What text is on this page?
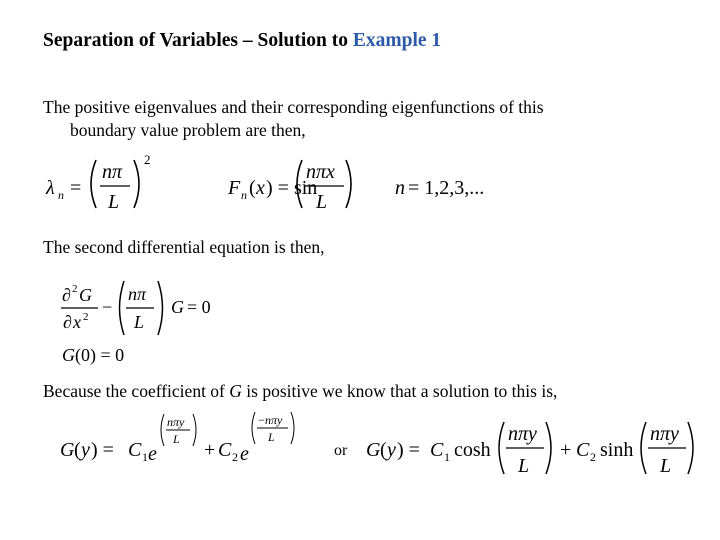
Separation of Variables – Solution to Example 1
The positive eigenvalues and their corresponding eigenfunctions of this
boundary value problem are then,
λ n =
nπ
L
2
F n ( x ) = sin
nπx
L
n = 1,2,3,...
The second differential equation is then,
∂ 2 G
∂ x 2 −
nπ
L
G = 0
G (0) = 0
Because the coefficient of G is positive we know that a solution to this is,
G ( y ) = C 1 e
nπy
L + C 2 e
− nπy
L
or G ( y ) = C 1 cosh
nπy
L
+ C 2 sinh
nπy
L
